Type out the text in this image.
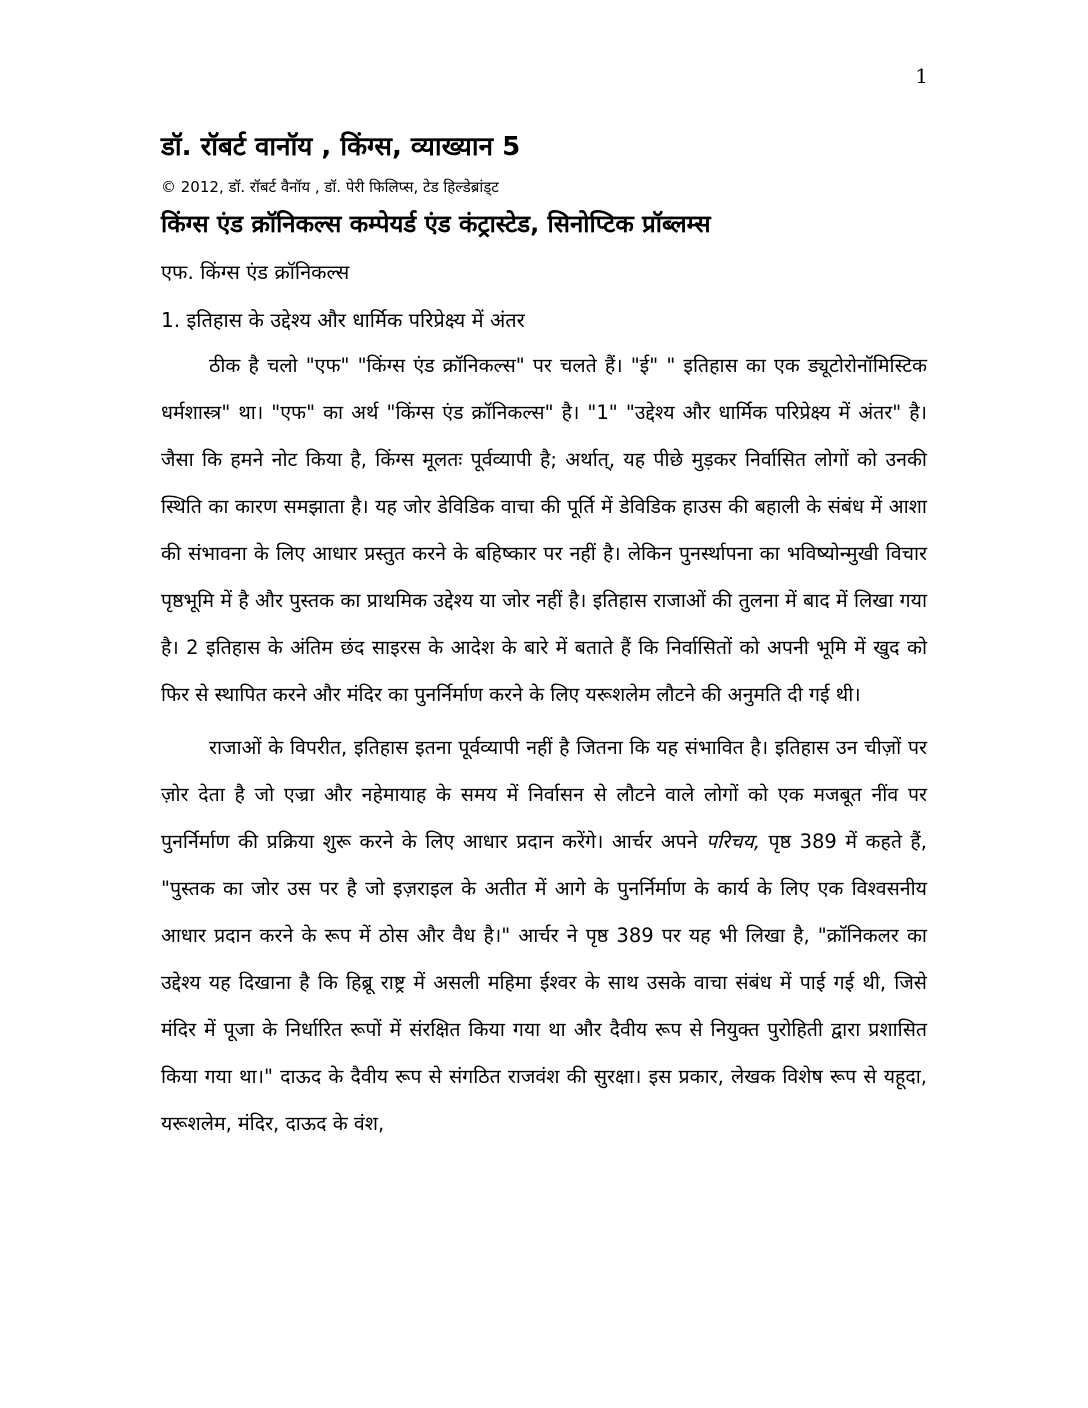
1
डॉ. रॉबर्ट वानॉय , किंग्स, व्याख्यान 5
© 2012, डॉ. रॉबर्ट वैनॉय , डॉ. पेरी फिलिप्स, टेड हिल्डेब्रांड्ट
किंग्स एंड क्रॉनिकल्स कम्पेयर्ड एंड कंट्रास्टेड, सिनोप्टिक प्रॉब्लम्स
एफ. किंग्स एंड क्रॉनिकल्स
1. इतिहास के उद्देश्य और धार्मिक परिप्रेक्ष्य में अंतर

ठीक है चलो "एफ" "किंग्स एंड क्रॉनिकल्स" पर चलते हैं। "ई" " इतिहास का एक ड्यूटोरोनॉमिस्टिक धर्मशास्त्र" था। "एफ" का अर्थ "किंग्स एंड क्रॉनिकल्स" है। "1" "उद्देश्य और धार्मिक परिप्रेक्ष्य में अंतर" है। जैसा कि हमने नोट किया है, किंग्स मूलतः पूर्वव्यापी है; अर्थात्, यह पीछे मुड़कर निर्वासित लोगों को उनकी स्थिति का कारण समझाता है। यह जोर डेविडिक वाचा की पूर्ति में डेविडिक हाउस की बहाली के संबंध में आशा की संभावना के लिए आधार प्रस्तुत करने के बहिष्कार पर नहीं है। लेकिन पुनर्स्थापना का भविष्योन्मुखी विचार पृष्ठभूमि में है और पुस्तक का प्राथमिक उद्देश्य या जोर नहीं है। इतिहास राजाओं की तुलना में बाद में लिखा गया है। 2 इतिहास के अंतिम छंद साइरस के आदेश के बारे में बताते हैं कि निर्वासितों को अपनी भूमि में खुद को फिर से स्थापित करने और मंदिर का पुनर्निर्माण करने के लिए यरूशलेम लौटने की अनुमति दी गई थी।

राजाओं के विपरीत, इतिहास इतना पूर्वव्यापी नहीं है जितना कि यह संभावित है। इतिहास उन चीज़ों पर ज़ोर देता है जो एज्रा और नहेमायाह के समय में निर्वासन से लौटने वाले लोगों को एक मजबूत नींव पर पुनर्निर्माण की प्रक्रिया शुरू करने के लिए आधार प्रदान करेंगे। आर्चर अपने परिचय, पृष्ठ 389 में कहते हैं, "पुस्तक का जोर उस पर है जो इज़राइल के अतीत में आगे के पुनर्निर्माण के कार्य के लिए एक विश्वसनीय आधार प्रदान करने के रूप में ठोस और वैध है।" आर्चर ने पृष्ठ 389 पर यह भी लिखा है, "क्रॉनिकलर का उद्देश्य यह दिखाना है कि हिब्रू राष्ट्र में असली महिमा ईश्वर के साथ उसके वाचा संबंध में पाई गई थी, जिसे मंदिर में पूजा के निर्धारित रूपों में संरक्षित किया गया था और दैवीय रूप से नियुक्त पुरोहिती द्वारा प्रशासित किया गया था।" दाऊद के दैवीय रूप से संगठित राजवंश की सुरक्षा। इस प्रकार, लेखक विशेष रूप से यहूदा, यरूशलेम, मंदिर, दाऊद के वंश,
